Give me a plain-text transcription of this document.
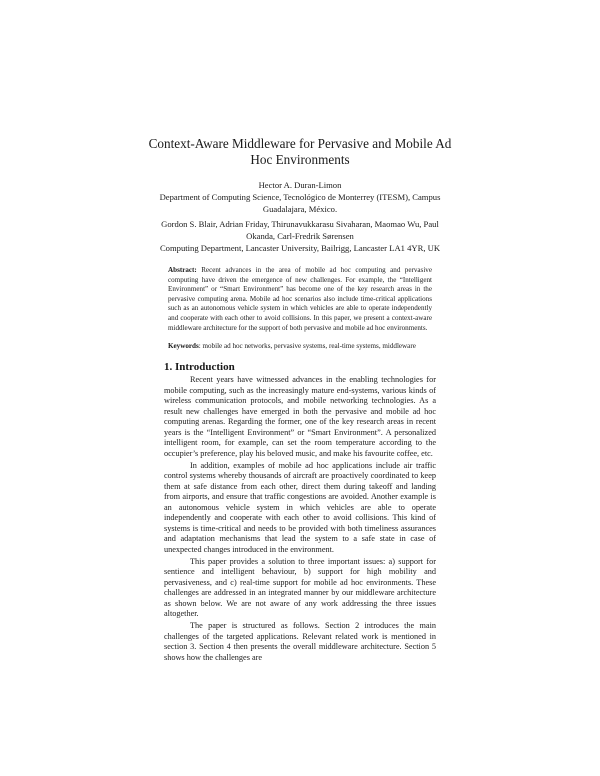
Context-Aware Middleware for Pervasive and Mobile Ad
Hoc Environments
Hector A. Duran-Limon
Department of Computing Science, Tecnológico de Monterrey (ITESM), Campus
Guadalajara, México.
Gordon S. Blair, Adrian Friday, Thirunavukkarasu Sivaharan, Maomao Wu, Paul
Okanda, Carl-Fredrik Sørensen
Computing Department, Lancaster University, Bailrigg, Lancaster LA1 4YR, UK

Abstract: Recent advances in the area of mobile ad hoc computing and pervasive computing have driven the emergence of new challenges. For example, the “Intelligent Environment” or “Smart Environment” has become one of the key research areas in the pervasive computing arena. Mobile ad hoc scenarios also include time-critical applications such as an autonomous vehicle system in which vehicles are able to operate independently and cooperate with each other to avoid collisions. In this paper, we present a context-aware middleware architecture for the support of both pervasive and mobile ad hoc environments.

Keywords: mobile ad hoc networks, pervasive systems, real-time systems, middleware
1. Introduction

Recent years have witnessed advances in the enabling technologies for mobile computing, such as the increasingly mature end-systems, various kinds of wireless communication protocols, and mobile networking technologies. As a result new challenges have emerged in both the pervasive and mobile ad hoc computing arenas. Regarding the former, one of the key research areas in recent years is the “Intelligent Environment” or “Smart Environment”. A personalized intelligent room, for example, can set the room temperature according to the occupier’s preference, play his beloved music, and make his favourite coffee, etc.

In addition, examples of mobile ad hoc applications include air traffic control systems whereby thousands of aircraft are proactively coordinated to keep them at safe distance from each other, direct them during takeoff and landing from airports, and ensure that traffic congestions are avoided. Another example is an autonomous vehicle system in which vehicles are able to operate independently and cooperate with each other to avoid collisions. This kind of systems is time-critical and needs to be provided with both timeliness assurances and adaptation mechanisms that lead the system to a safe state in case of unexpected changes introduced in the environment.

This paper provides a solution to three important issues: a) support for sentience and intelligent behaviour, b) support for high mobility and pervasiveness, and c) real-time support for mobile ad hoc environments. These challenges are addressed in an integrated manner by our middleware architecture as shown below. We are not aware of any work addressing the three issues altogether.

The paper is structured as follows. Section 2 introduces the main challenges of the targeted applications. Relevant related work is mentioned in section 3. Section 4 then presents the overall middleware architecture. Section 5 shows how the challenges are
